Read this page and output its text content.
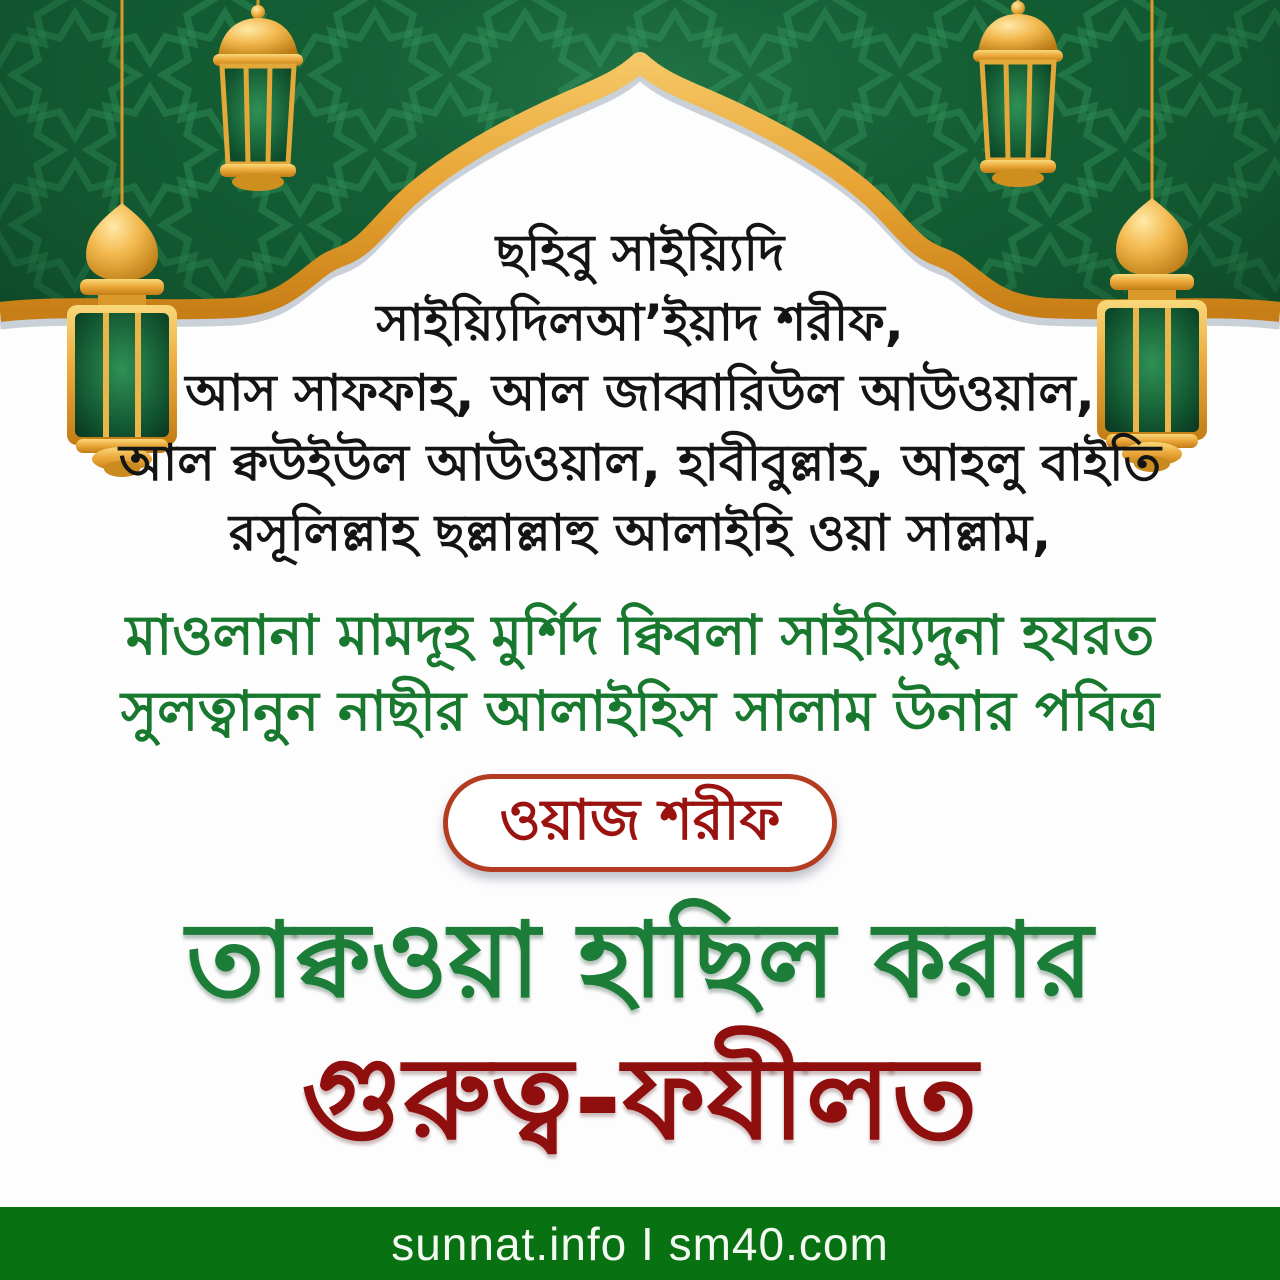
ছহিবু সাইয়্যিদি
সাইয়্যিদিলআ’ইয়াদ শরীফ,
আস সাফফাহ, আল জাব্বারিউল আউওয়াল,
আল ক্বউইউল আউওয়াল, হাবীবুল্লাহ, আহলু বাইতি
রসূলিল্লাহ ছল্লাল্লাহু আলাইহি ওয়া সাল্লাম,
মাওলানা মামদূহ মুর্শিদ ক্বিবলা সাইয়্যিদুনা হযরত
সুলত্বানুন নাছীর আলাইহিস সালাম উনার পবিত্র
ওয়াজ শরীফ
তাক্বওয়া হাছিল করার
গুরুত্ব-ফযীলত
sunnat.info I sm40.com
